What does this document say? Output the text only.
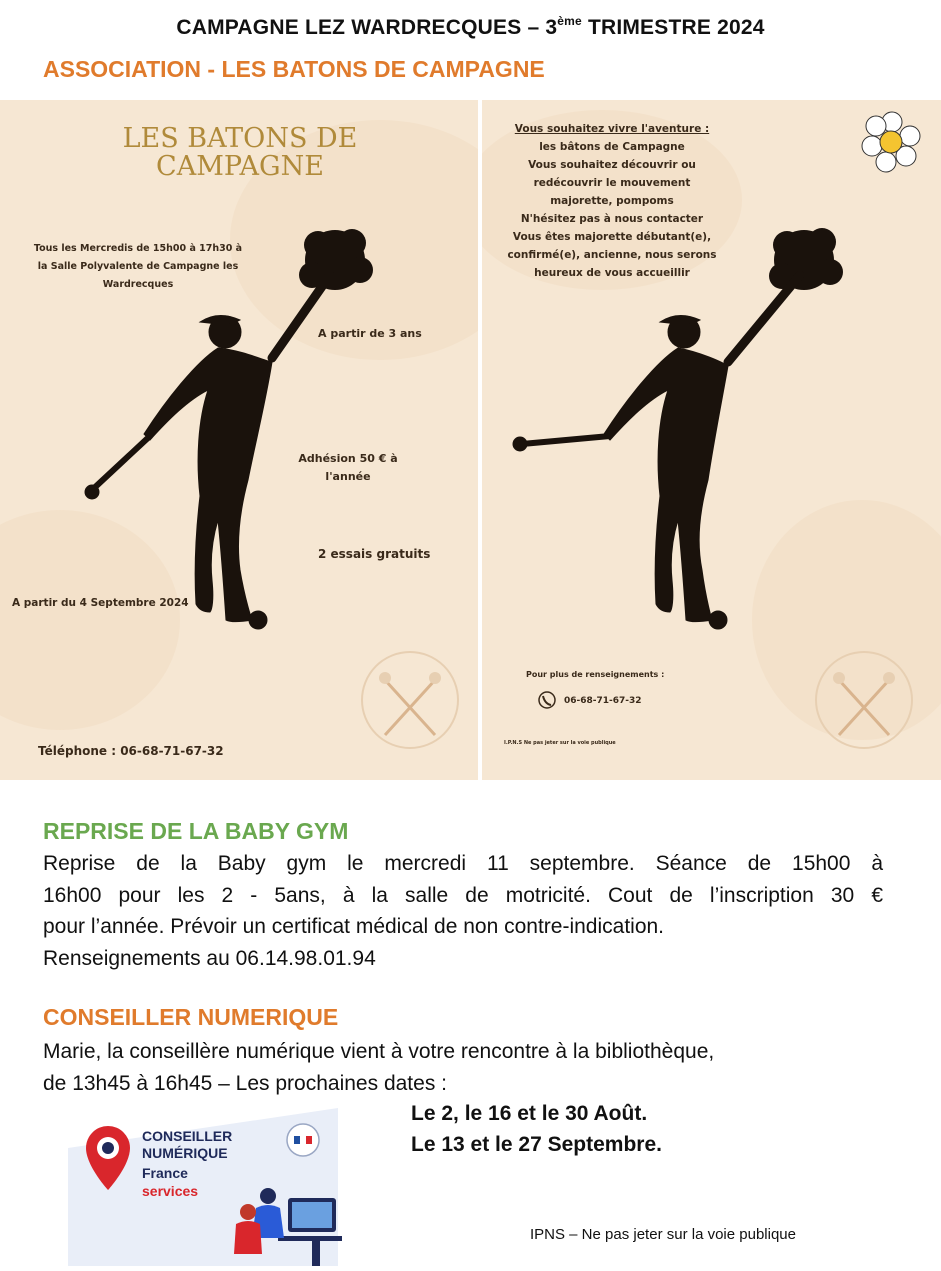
CAMPAGNE LEZ WARDRECQUES – 3ème TRIMESTRE 2024
ASSOCIATION - LES BATONS DE CAMPAGNE
LES BATONS DE
CAMPAGNE
Tous les Mercredis de 15h00 à 17h30 à
la Salle Polyvalente de Campagne les
Wardrecques
A partir de 3 ans
Adhésion 50 € à
l'année
2 essais gratuits
A partir du 4 Septembre 2024
Téléphone : 06-68-71-67-32
Vous souhaitez vivre l'aventure :
les bâtons de Campagne
Vous souhaitez découvrir ou
redécouvrir le mouvement
majorette, pompoms
N'hésitez pas à nous contacter
Vous êtes majorette débutant(e),
confirmé(e), ancienne, nous serons
heureux de vous accueillir
Pour plus de renseignements :
06-68-71-67-32
I.P.N.S Ne pas jeter sur la voie publique
REPRISE DE LA BABY GYM
Reprise de la Baby gym le mercredi 11 septembre. Séance de 15h00 à
16h00 pour les 2 - 5ans, à la salle de motricité. Cout de l’inscription 30 €
pour l’année. Prévoir un certificat médical de non contre-indication.
Renseignements au 06.14.98.01.94
CONSEILLER NUMERIQUE
Marie, la conseillère numérique vient à votre rencontre à la bibliothèque,
de 13h45 à 16h45 – Les prochaines dates :
Le 2, le 16 et le 30 Août.
Le 13 et le 27 Septembre.
CONSEILLER
NUMÉRIQUE
France
services
IPNS – Ne pas jeter sur la voie publique
